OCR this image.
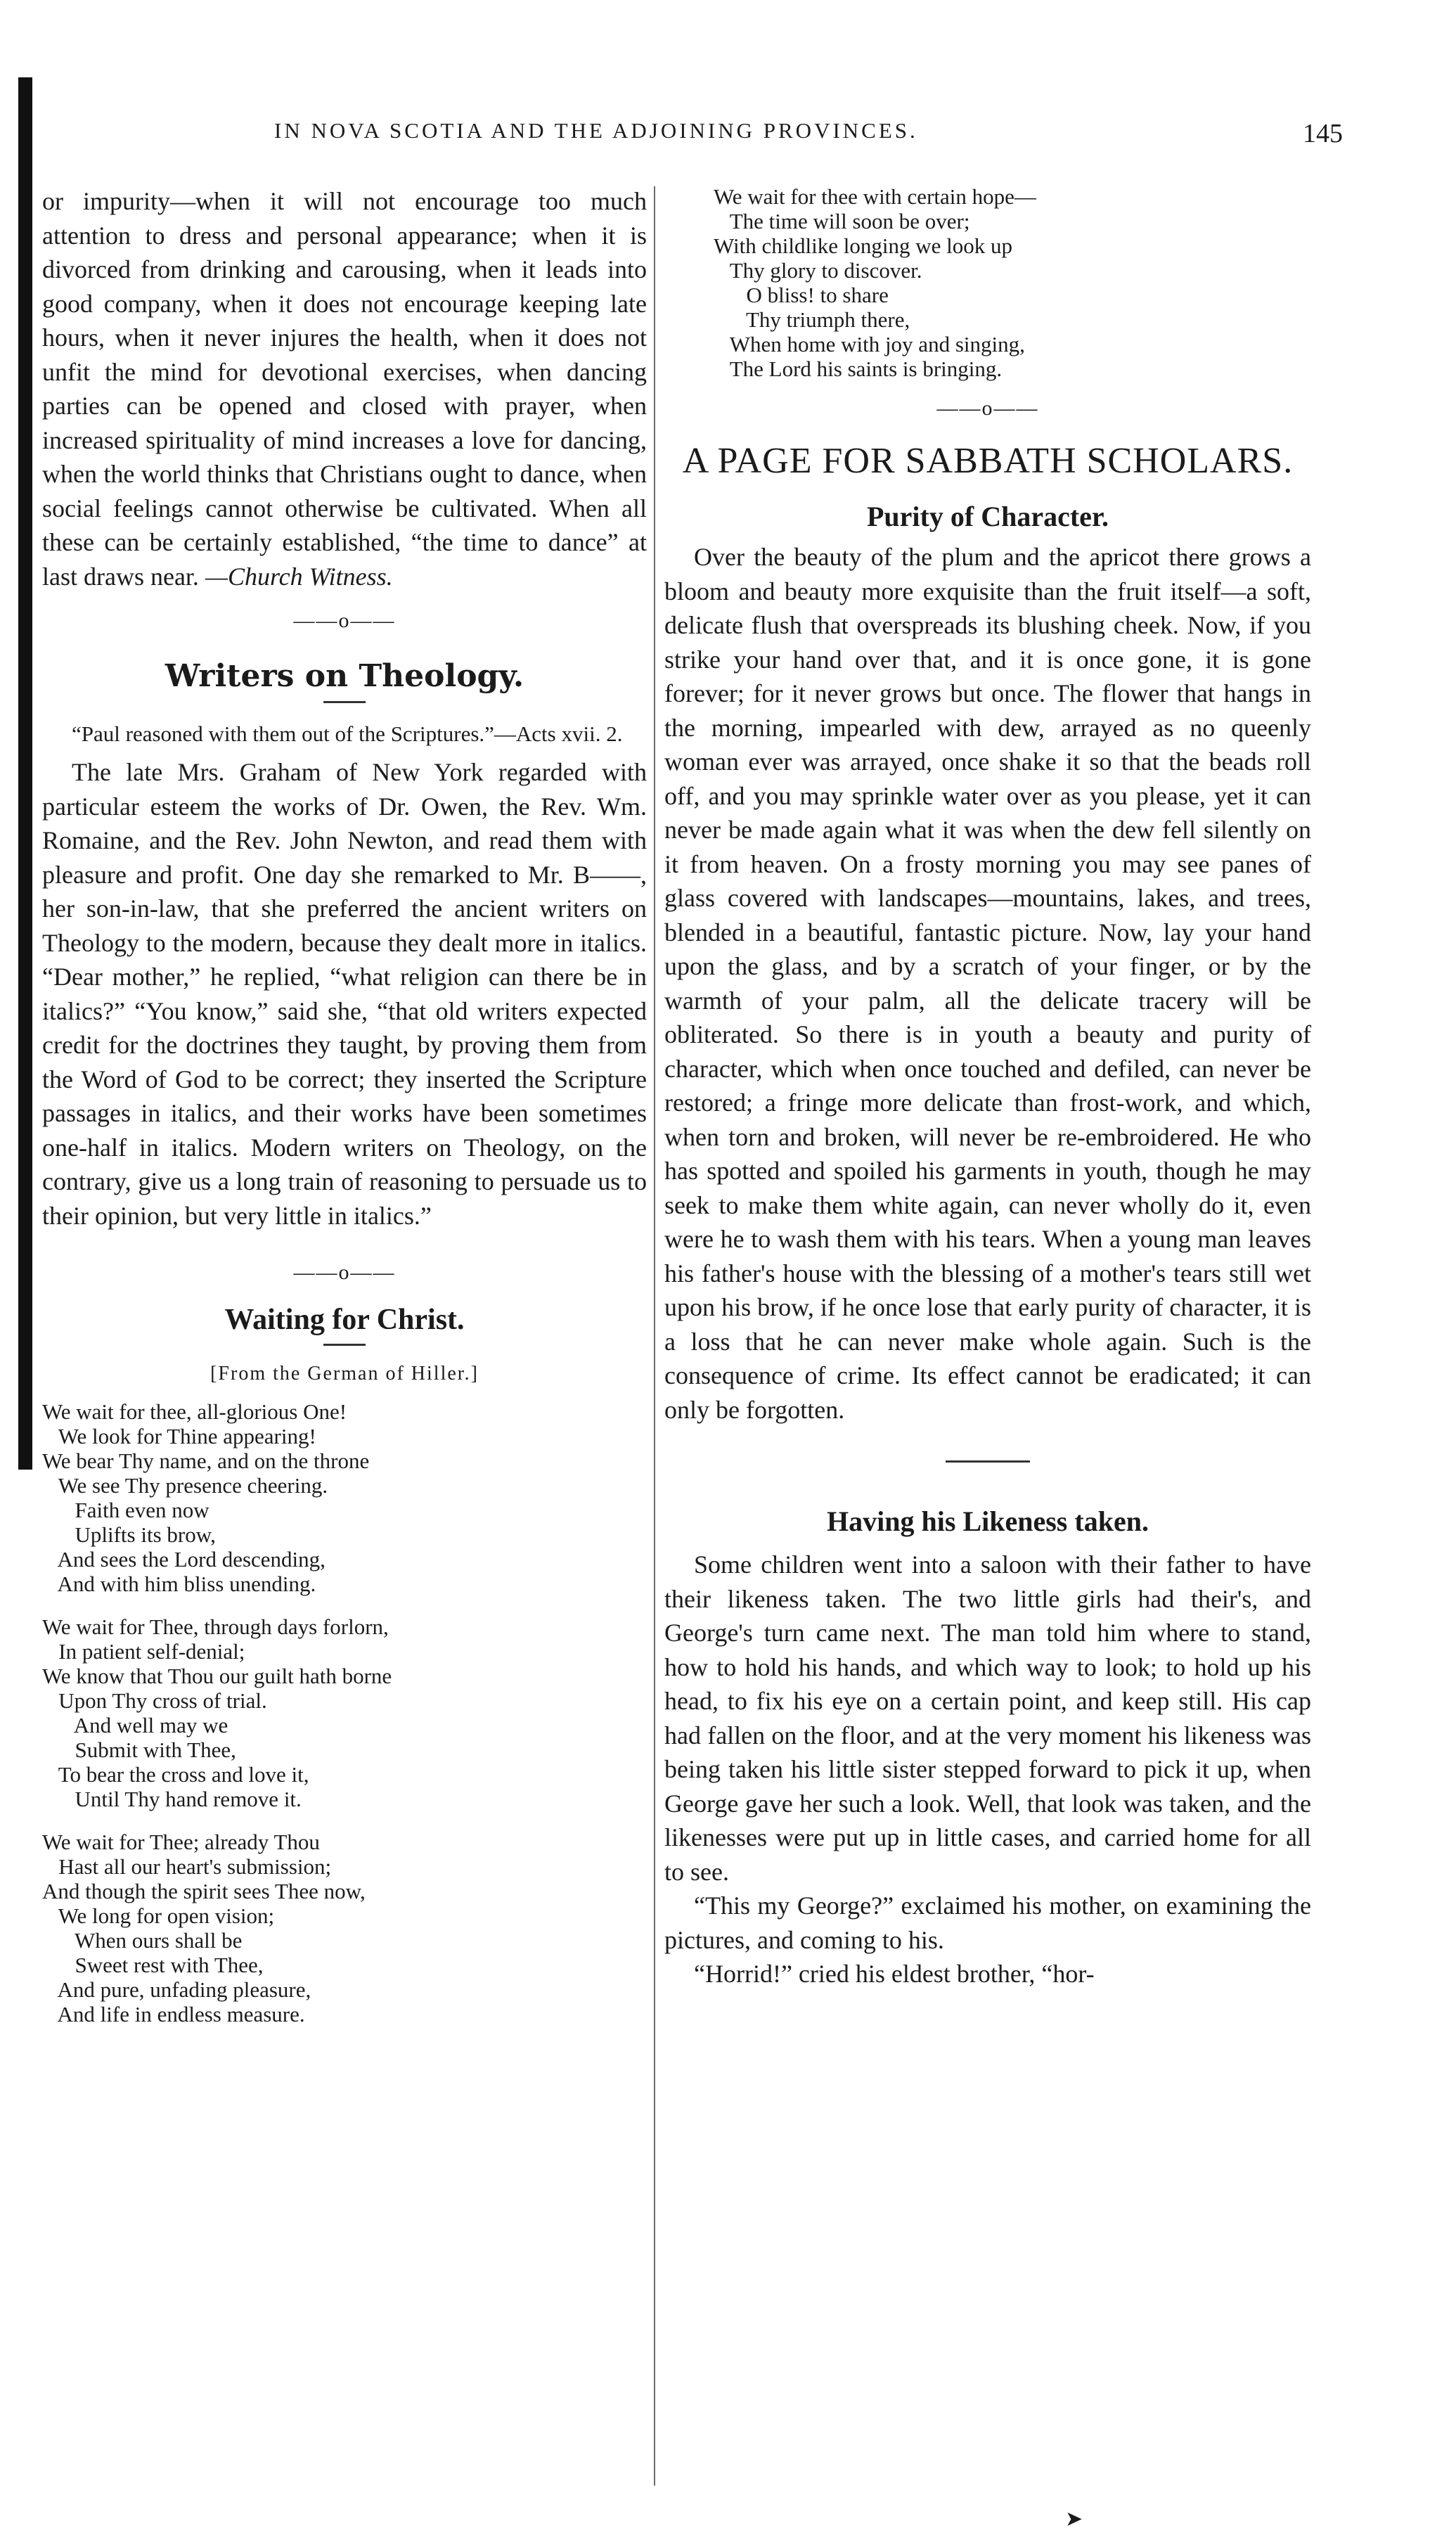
IN NOVA SCOTIA AND THE ADJOINING PROVINCES.	145

or impurity—when it will not encourage too much attention to dress and personal appearance; when it is divorced from drinking and carousing, when it leads into good company, when it does not encourage keeping late hours, when it never injures the health, when it does not unfit the mind for devotional exercises, when dancing parties can be opened and closed with prayer, when increased spirituality of mind increases a love for dancing, when the world thinks that Christians ought to dance, when social feelings cannot otherwise be cultivated. When all these can be certainly established, “the time to dance” at last draws near. —Church Witness.

——o——
Writers on Theology.

“Paul reasoned with them out of the Scriptures.”—Acts xvii. 2.

The late Mrs. Graham of New York regarded with particular esteem the works of Dr. Owen, the Rev. Wm. Romaine, and the Rev. John Newton, and read them with pleasure and profit. One day she remarked to Mr. B——, her son-in-law, that she preferred the ancient writers on Theology to the modern, because they dealt more in italics. “Dear mother,” he replied, “what religion can there be in italics?” “You know,” said she, “that old writers expected credit for the doctrines they taught, by proving them from the Word of God to be correct; they inserted the Scripture passages in italics, and their works have been sometimes one-half in italics. Modern writers on Theology, on the contrary, give us a long train of reasoning to persuade us to their opinion, but very little in italics.”

——o——
Waiting for Christ.
[From the German of Hiller.]
We wait for thee, all-glorious One!
We look for Thine appearing!
We bear Thy name, and on the throne
We see Thy presence cheering.
Faith even now
Uplifts its brow,
And sees the Lord descending,
And with him bliss unending.
We wait for Thee, through days forlorn,
In patient self-denial;
We know that Thou our guilt hath borne
Upon Thy cross of trial.
And well may we
Submit with Thee,
To bear the cross and love it,
Until Thy hand remove it.
We wait for Thee; already Thou
Hast all our heart's submission;
And though the spirit sees Thee now,
We long for open vision;
When ours shall be
Sweet rest with Thee,
And pure, unfading pleasure,
And life in endless measure.
We wait for thee with certain hope—
The time will soon be over;
With childlike longing we look up
Thy glory to discover.
O bliss! to share
Thy triumph there,
When home with joy and singing,
The Lord his saints is bringing.
——o——
A PAGE FOR SABBATH SCHOLARS.
Purity of Character.

Over the beauty of the plum and the apricot there grows a bloom and beauty more exquisite than the fruit itself—a soft, delicate flush that overspreads its blushing cheek. Now, if you strike your hand over that, and it is once gone, it is gone forever; for it never grows but once. The flower that hangs in the morning, impearled with dew, arrayed as no queenly woman ever was arrayed, once shake it so that the beads roll off, and you may sprinkle water over as you please, yet it can never be made again what it was when the dew fell silently on it from heaven. On a frosty morning you may see panes of glass covered with landscapes—mountains, lakes, and trees, blended in a beautiful, fantastic picture. Now, lay your hand upon the glass, and by a scratch of your finger, or by the warmth of your palm, all the delicate tracery will be obliterated. So there is in youth a beauty and purity of character, which when once touched and defiled, can never be restored; a fringe more delicate than frost-work, and which, when torn and broken, will never be re-embroidered. He who has spotted and spoiled his garments in youth, though he may seek to make them white again, can never wholly do it, even were he to wash them with his tears. When a young man leaves his father's house with the blessing of a mother's tears still wet upon his brow, if he once lose that early purity of character, it is a loss that he can never make whole again. Such is the consequence of crime. Its effect cannot be eradicated; it can only be forgotten.

Having his Likeness taken.

Some children went into a saloon with their father to have their likeness taken. The two little girls had their's, and George's turn came next. The man told him where to stand, how to hold his hands, and which way to look; to hold up his head, to fix his eye on a certain point, and keep still. His cap had fallen on the floor, and at the very moment his likeness was being taken his little sister stepped forward to pick it up, when George gave her such a look. Well, that look was taken, and the likenesses were put up in little cases, and carried home for all to see.

“This my George?” exclaimed his mother, on examining the pictures, and coming to his.

“Horrid!” cried his eldest brother, “hor-

➤
